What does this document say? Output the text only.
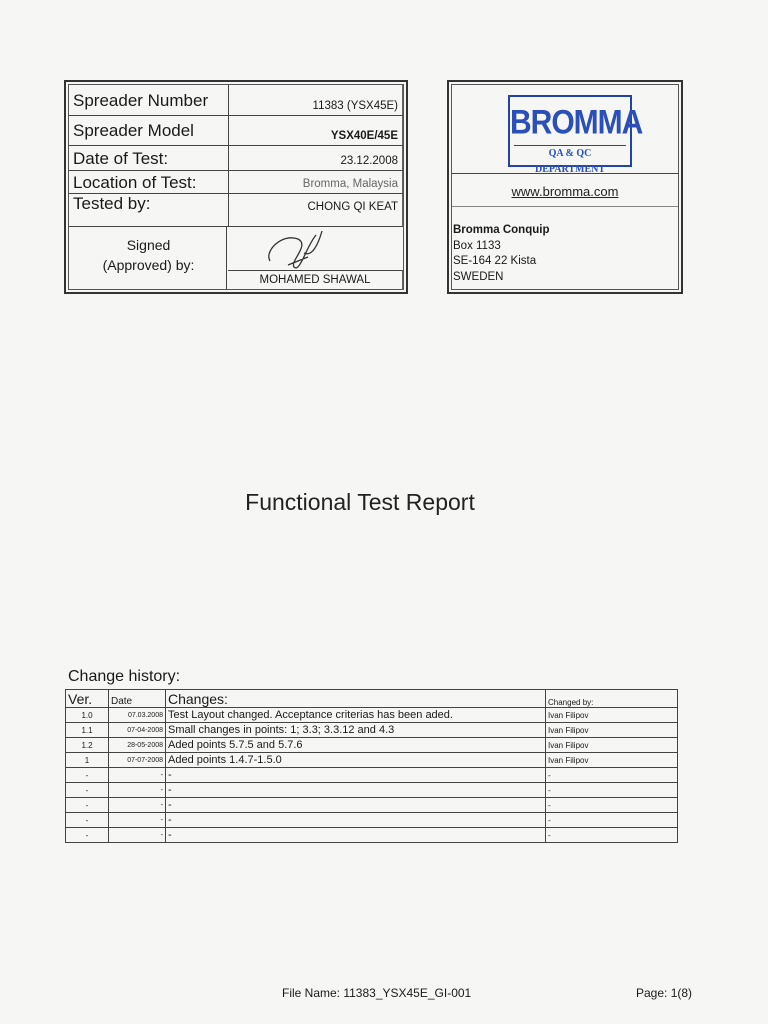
Spreader Number	11383 (YSX45E)
Spreader Model	YSX40E/45E
Date of Test:	23.12.2008
Location of Test:	Bromma, Malaysia
Tested by:	CHONG QI KEAT
Signed
(Approved) by:
MOHAMED SHAWAL
BROMMA
QA & QC DEPARTMENT
www.bromma.com
Bromma Conquip
Box 1133
SE-164 22 Kista
SWEDEN
Functional Test Report
Change history:
Ver.	Date	Changes:	Changed by:
1.0	07.03.2008	Test Layout changed. Acceptance criterias has been aded.	Ivan Filipov
1.1	07-04-2008	Small changes in points: 1; 3.3; 3.3.12 and 4.3	Ivan Filipov
1.2	28-05-2008	Aded points 5.7.5 and 5.7.6	Ivan Filipov
1	07-07-2008	Aded points 1.4.7-1.5.0	Ivan Filipov
-	-	-	-
-	-	-	-
-	-	-	-
-	-	-	-
-	-	-	-
File Name: 11383_YSX45E_GI-001	Page: 1(8)
